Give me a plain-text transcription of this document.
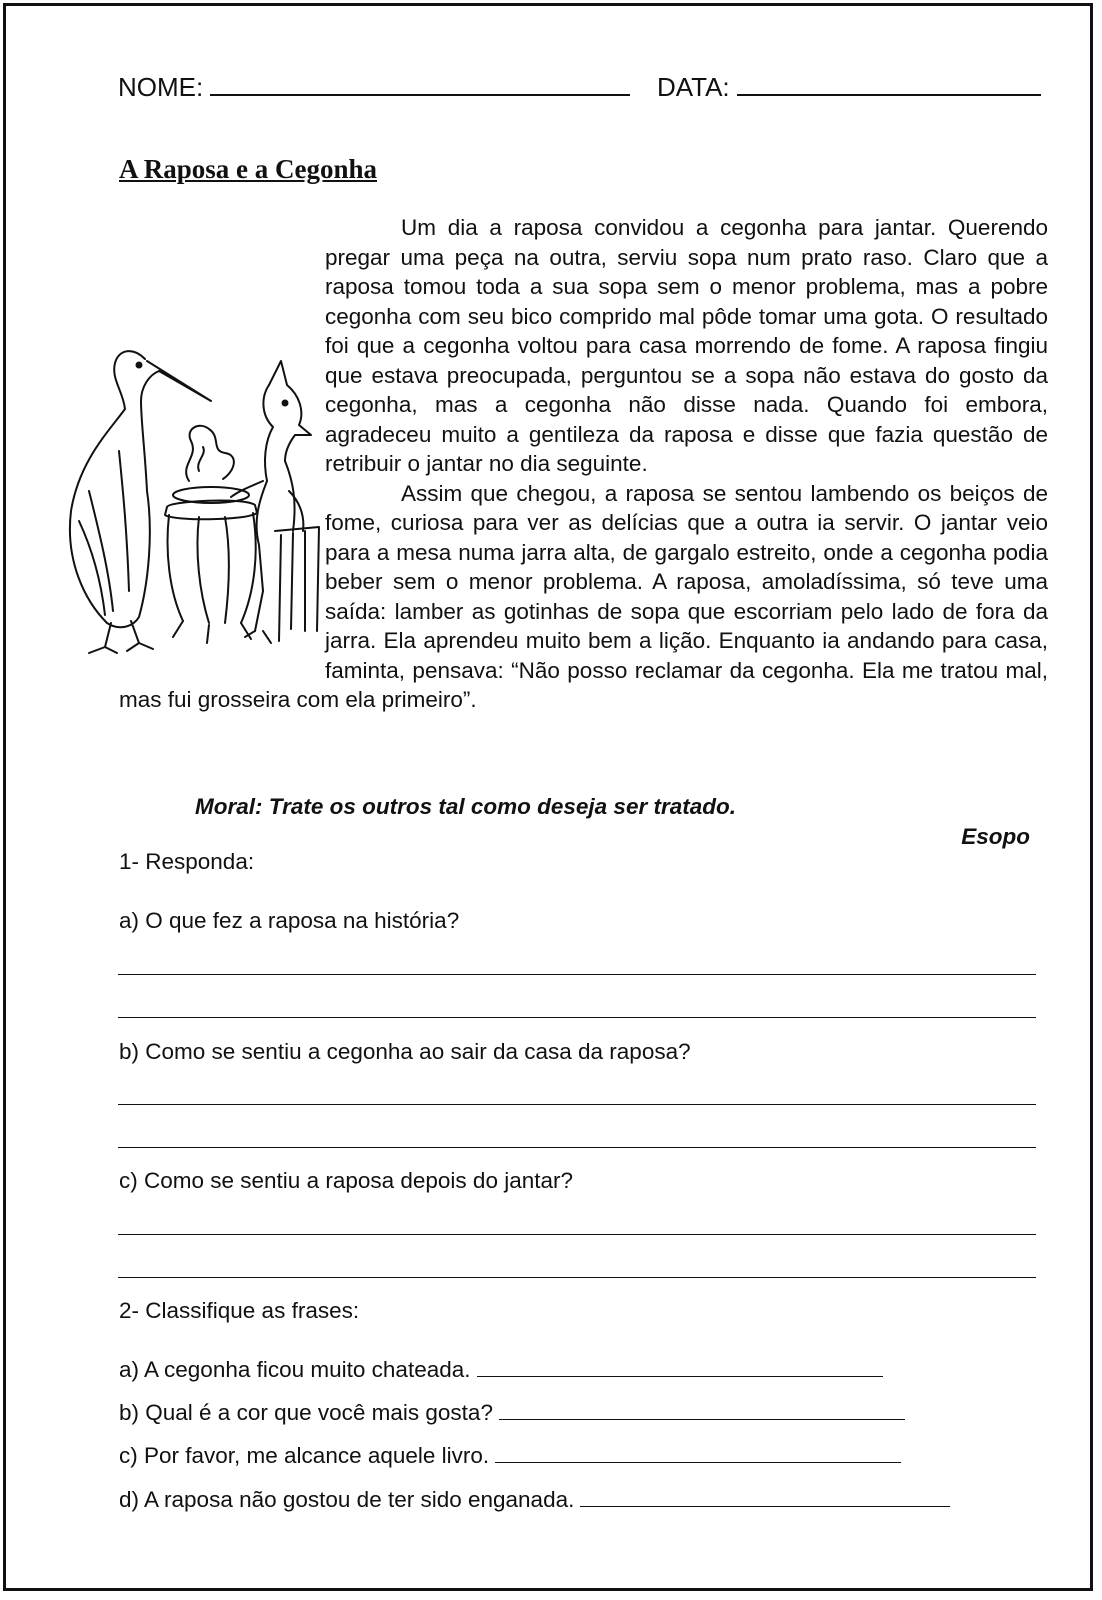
NOME:	DATA:
A Raposa e a Cegonha

Um dia a raposa convidou a cegonha para jantar. Querendo pregar uma peça na outra, serviu sopa num prato raso. Claro que a raposa tomou toda a sua sopa sem o menor problema, mas a pobre cegonha com seu bico comprido mal pôde tomar uma gota. O resultado foi que a cegonha voltou para casa morrendo de fome. A raposa fingiu que estava preocupada, perguntou se a sopa não estava do gosto da cegonha, mas a cegonha não disse nada. Quando foi embora, agradeceu muito a gentileza da raposa e disse que fazia questão de retribuir o jantar no dia seguinte.

Assim que chegou, a raposa se sentou lambendo os beiços de fome, curiosa para ver as delícias que a outra ia servir. O jantar veio para a mesa numa jarra alta, de gargalo estreito, onde a cegonha podia beber sem o menor problema. A raposa, amoladíssima, só teve uma saída: lamber as gotinhas de sopa que escorriam pelo lado de fora da jarra. Ela aprendeu muito bem a lição. Enquanto ia andando para casa, faminta, pensava: “Não posso reclamar da cegonha. Ela me tratou mal, mas fui grosseira com ela primeiro”.

Moral: Trate os outros tal como deseja ser tratado.
Esopo
1- Responda:
a) O que fez a raposa na história?
b) Como se sentiu a cegonha ao sair da casa da raposa?
c) Como se sentiu a raposa depois do jantar?
2- Classifique as frases:
a) A cegonha ficou muito chateada.
b) Qual é a cor que você mais gosta?
c) Por favor, me alcance aquele livro.
d) A raposa não gostou de ter sido enganada.
